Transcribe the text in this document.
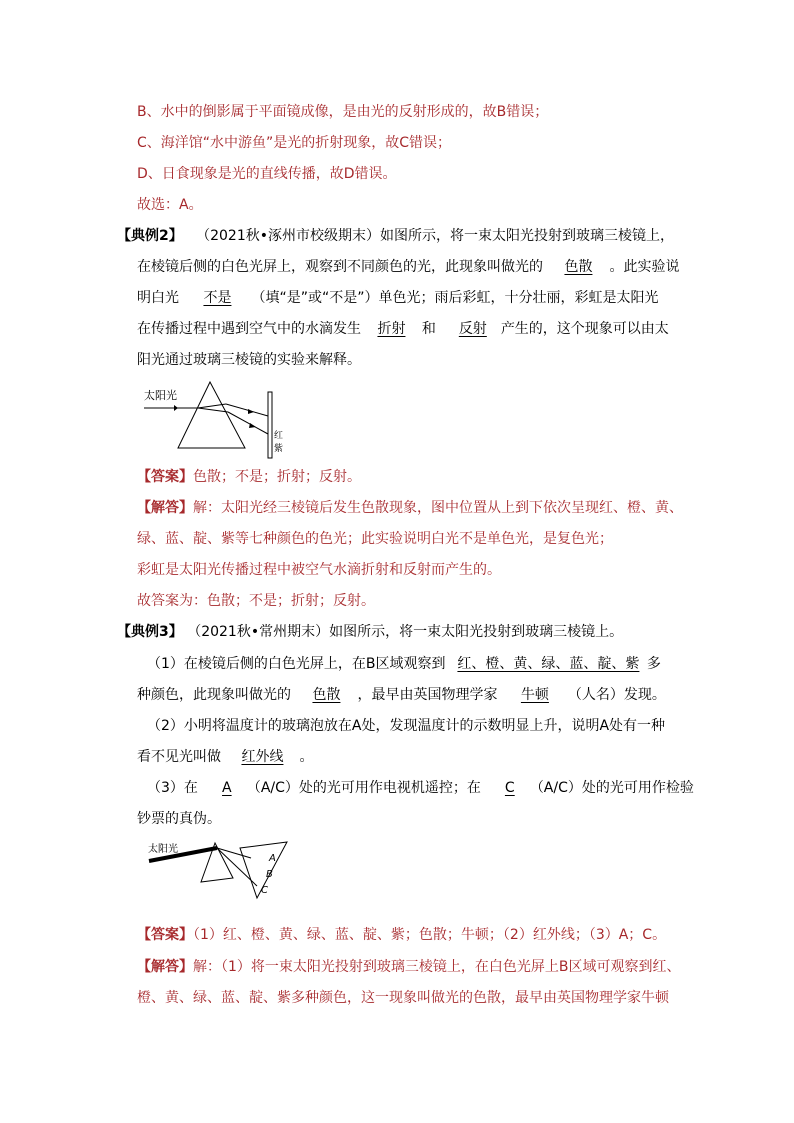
B、水中的倒影属于平面镜成像，是由光的反射形成的，故B错误；
C、海洋馆“水中游鱼”是光的折射现象，故C错误；
D、日食现象是光的直线传播，故D错误。
故选：A。
【典例2】 （2021秋•涿州市校级期末）如图所示，将一束太阳光投射到玻璃三棱镜上，
在棱镜后侧的白色光屏上，观察到不同颜色的光，此现象叫做光的 色散 。此实验说
明白光 不是 （填“是”或“不是”）单色光；雨后彩虹，十分壮丽，彩虹是太阳光
在传播过程中遇到空气中的水滴发生 折射 和 反射 产生的，这个现象可以由太
阳光通过玻璃三棱镜的实验来解释。
太阳光
红
紫
【答案】色散；不是；折射；反射。
【解答】解：太阳光经三棱镜后发生色散现象，图中位置从上到下依次呈现红、橙、黄、
绿、蓝、靛、紫等七种颜色的色光；此实验说明白光不是单色光，是复色光；
彩虹是太阳光传播过程中被空气水滴折射和反射而产生的。
故答案为：色散；不是；折射；反射。
【典例3】 （2021秋•常州期末）如图所示，将一束太阳光投射到玻璃三棱镜上。
（1）在棱镜后侧的白色光屏上，在B区域观察到 红、橙、黄、绿、蓝、靛、紫 多
种颜色，此现象叫做光的 色散 ，最早由英国物理学家 牛顿 （人名）发现。
（2）小明将温度计的玻璃泡放在A处，发现温度计的示数明显上升，说明A处有一种
看不见光叫做 红外线 。
（3）在 A （A/C）处的光可用作电视机遥控；在 C （A/C）处的光可用作检验
钞票的真伪。
太阳光
A
B
C
【答案】（1）红、橙、黄、绿、蓝、靛、紫；色散；牛顿；（2）红外线；（3）A；C。
【解答】解：（1）将一束太阳光投射到玻璃三棱镜上，在白色光屏上B区域可观察到红、
橙、黄、绿、蓝、靛、紫多种颜色，这一现象叫做光的色散，最早由英国物理学家牛顿
